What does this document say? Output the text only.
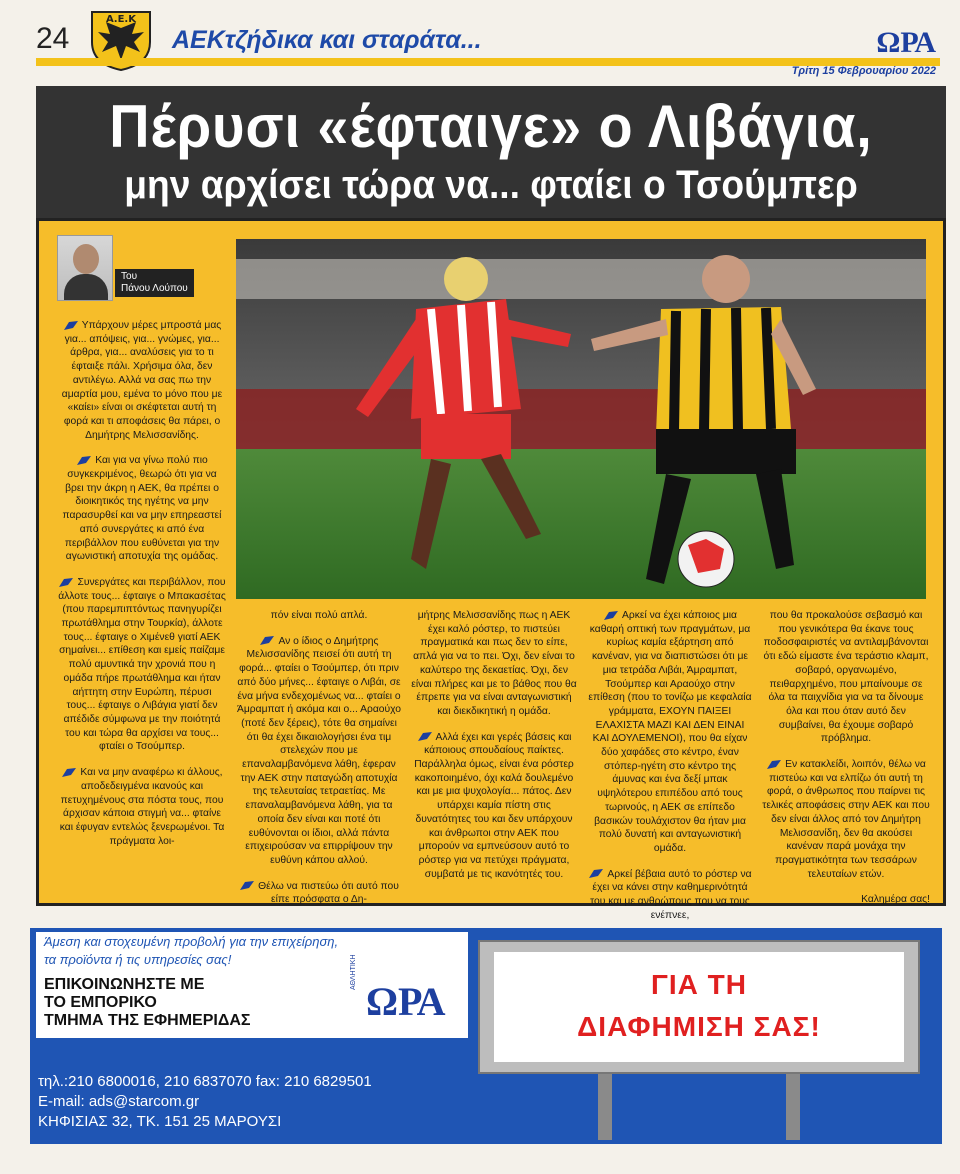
24
Α.Ε.Κ
ΑΕΚτζήδικα και σταράτα...	ΩΡΑ
Τρίτη 15 Φεβρουαρίου 2022
Πέρυσι «έφταιγε» ο Λιβάγια,
μην αρχίσει τώρα να... φταίει ο Τσούμπερ
Του
Πάνου Λούπου

Υπάρχουν μέρες μπροστά μας για... απόψεις, για... γνώμες, για... άρθρα, για... αναλύσεις για το τι έφταιξε πάλι. Χρήσιμα όλα, δεν αντιλέγω. Αλλά να σας πω την αμαρτία μου, εμένα το μόνο που με «καίει» είναι οι σκέφτεται αυτή τη φορά και τι αποφάσεις θα πάρει, ο Δημήτρης Μελισσανίδης.

Και για να γίνω πολύ πιο συγκεκριμένος, θεωρώ ότι για να βρει την άκρη η ΑΕΚ, θα πρέπει ο διοικητικός της ηγέτης να μην παρασυρθεί και να μην επηρεαστεί από συνεργάτες κι από ένα περιβάλλον που ευθύνεται για την αγωνιστική αποτυχία της ομάδας.

Συνεργάτες και περιβάλλον, που άλλοτε τους... έφταιγε ο Μπακασέτας (που παρεμπιπτόντως πανηγυρίζει πρωτάθλημα στην Τουρκία), άλλοτε τους... έφταιγε ο Χιμένεθ γιατί ΑΕΚ σημαίνει... επίθεση και εμείς παίζαμε πολύ αμυντικά την χρονιά που η ομάδα πήρε πρωτάθλημα και ήταν αήττητη στην Ευρώπη, πέρυσι τους... έφταιγε ο Λιβάγια γιατί δεν απέδιδε σύμφωνα με την ποιότητά του και τώρα θα αρχίσει να τους... φταίει ο Τσούμπερ.

Και να μην αναφέρω κι άλλους, αποδεδειγμένα ικανούς και πετυχημένους στα πόστα τους, που άρχισαν κάποια στιγμή να... φταίνε και έφυγαν εντελώς ξενερωμένοι. Τα πράγματα λοι-

πόν είναι πολύ απλά.

Αν ο ίδιος ο Δημήτρης Μελισσανίδης πεισεί ότι αυτή τη φορά... φταίει ο Τσούμπερ, ότι πριν από δύο μήνες... έφταιγε ο Λιβάι, σε ένα μήνα ενδεχομένως να... φταίει ο Άμραμπατ ή ακόμα και ο... Αραούχο (ποτέ δεν ξέρεις), τότε θα σημαίνει ότι θα έχει δικαιολογήσει ένα τιμ στελεχών που με επαναλαμβανόμενα λάθη, έφεραν την ΑΕΚ στην παταγώδη αποτυχία της τελευταίας τετραετίας. Με επαναλαμβανόμενα λάθη, για τα οποία δεν είναι και ποτέ ότι ευθύνονται οι ίδιοι, αλλά πάντα επιχειρούσαν να επιρρίψουν την ευθύνη κάπου αλλού.

Θέλω να πιστεύω ότι αυτό που είπε πρόσφατα ο Δη-

μήτρης Μελισσανίδης πως η ΑΕΚ έχει καλό ρόστερ, το πιστεύει πραγματικά και πως δεν το είπε, απλά για να το πει. Όχι, δεν είναι το καλύτερο της δεκαετίας. Όχι, δεν είναι πλήρες και με το βάθος που θα έπρεπε για να είναι ανταγωνιστική και διεκδικητική η ομάδα.

Αλλά έχει και γερές βάσεις και κάποιους σπουδαίους παίκτες. Παράλληλα όμως, είναι ένα ρόστερ κακοποιημένο, όχι καλά δουλεμένο και με μια ψυχολογία... πάτος. Δεν υπάρχει καμία πίστη στις δυνατότητες του και δεν υπάρχουν και άνθρωποι στην ΑΕΚ που μπορούν να εμπνεύσουν αυτό το ρόστερ για να πετύχει πράγματα, συμβατά με τις ικανότητές του.

Αρκεί να έχει κάποιος μια καθαρή οπτική των πραγμάτων, μα κυρίως καμία εξάρτηση από κανέναν, για να διαπιστώσει ότι με μια τετράδα Λιβάι, Άμραμπατ, Τσούμπερ και Αραούχο στην επίθεση (που το τονίζω με κεφαλαία γράμματα, ΕΧΟΥΝ ΠΑΙΞΕΙ ΕΛΑΧΙΣΤΑ ΜΑΖΙ ΚΑΙ ΔΕΝ ΕΙΝΑΙ ΚΑΙ ΔΟΥΛΕΜΕΝΟΙ), που θα είχαν δύο χαφάδες στο κέντρο, έναν στόπερ-ηγέτη στο κέντρο της άμυνας και ένα δεξί μπακ υψηλότερου επιπέδου από τους τωρινούς, η ΑΕΚ σε επίπεδο βασικών τουλάχιστον θα ήταν μια πολύ δυνατή και ανταγωνιστική ομάδα.

Αρκεί βέβαια αυτό το ρόστερ να έχει να κάνει στην καθημερινότητά του και με ανθρώπους που να τους ενέπνεε,

που θα προκαλούσε σεβασμό και που γενικότερα θα έκανε τους ποδοσφαιριστές να αντιλαμβάνονται ότι εδώ είμαστε ένα τεράστιο κλαμπ, σοβαρό, οργανωμένο, πειθαρχημένο, που μπαίνουμε σε όλα τα παιχνίδια για να τα δίνουμε όλα και που όταν αυτό δεν συμβαίνει, θα έχουμε σοβαρό πρόβλημα.

Εν κατακλείδι, λοιπόν, θέλω να πιστεύω και να ελπίζω ότι αυτή τη φορά, ο άνθρωπος που παίρνει τις τελικές αποφάσεις στην ΑΕΚ και που δεν είναι άλλος από τον Δημήτρη Μελισσανίδη, δεν θα ακούσει κανέναν παρά μονάχα την πραγματικότητα των τεσσάρων τελευταίων ετών.

Καλημέρα σας!
Άμεση και στοχευμένη προβολή για την επιχείρηση,
τα προϊόντα ή τις υπηρεσίες σας!
ΕΠΙΚΟΙΝΩΝΗΣΤΕ ΜΕ
ΤΟ ΕΜΠΟΡΙΚΟ
ΤΜΗΜΑ ΤΗΣ ΕΦΗΜΕΡΙΔΑΣ
ΑΘΛΗΤΙΚΗ
ΩΡΑ
τηλ.:210 6800016, 210 6837070 fax: 210 6829501
E-mail: ads@starcom.gr
ΚΗΦΙΣΙΑΣ 32, ΤΚ. 151 25 ΜΑΡΟΥΣΙ
ΓΙΑ ΤΗ
ΔΙΑΦΗΜΙΣΗ ΣΑΣ!
